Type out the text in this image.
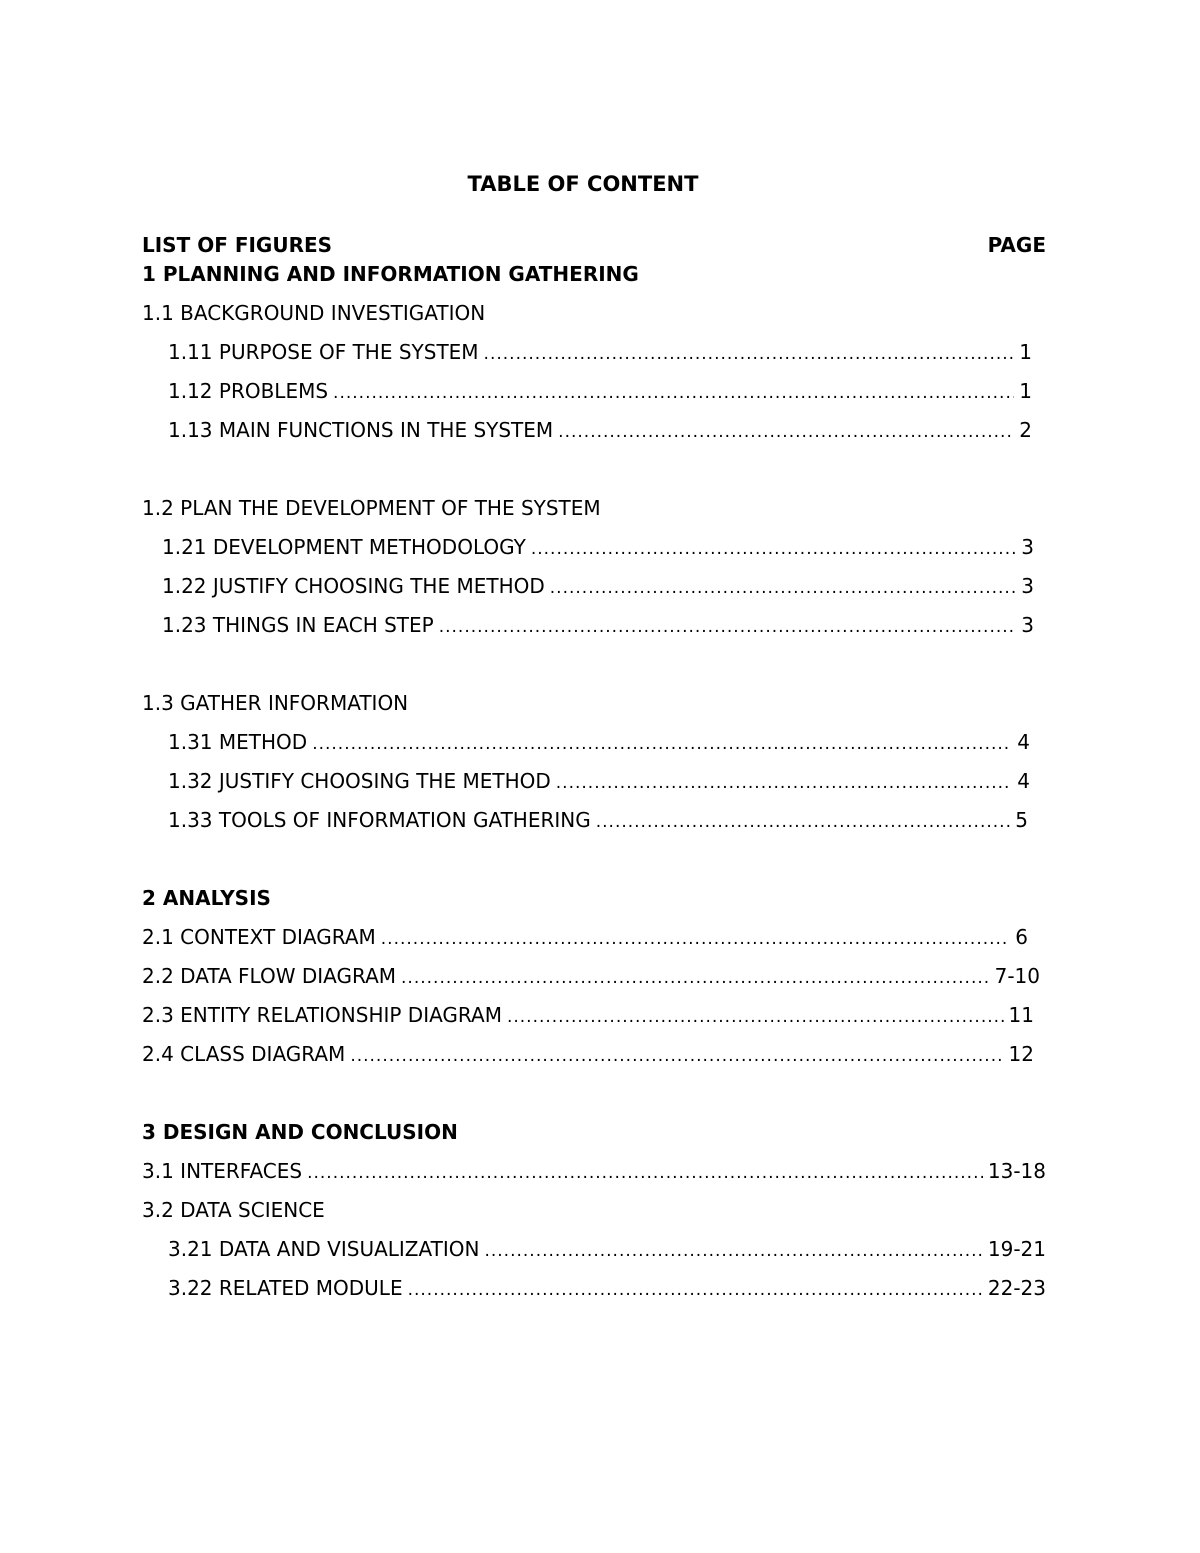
TABLE OF CONTENT
LIST OF FIGURES	PAGE
1 PLANNING AND INFORMATION GATHERING
1.1 BACKGROUND INVESTIGATION
1.11 PURPOSE OF THE SYSTEM .....	1
1.12 PROBLEMS .....	1
1.13 MAIN FUNCTIONS IN THE SYSTEM .....	2
1.2 PLAN THE DEVELOPMENT OF THE SYSTEM
1.21 DEVELOPMENT METHODOLOGY .....	3
1.22 JUSTIFY CHOOSING THE METHOD .....	3
1.23 THINGS IN EACH STEP .....	3
1.3 GATHER INFORMATION
1.31 METHOD .....	4
1.32 JUSTIFY CHOOSING THE METHOD .....	4
1.33 TOOLS OF INFORMATION GATHERING .....	5
2 ANALYSIS
2.1 CONTEXT DIAGRAM .....	6
2.2 DATA FLOW DIAGRAM .....	7-10
2.3 ENTITY RELATIONSHIP DIAGRAM .....	11
2.4 CLASS DIAGRAM .....	12
3 DESIGN AND CONCLUSION
3.1 INTERFACES .....	13-18
3.2 DATA SCIENCE
3.21 DATA AND VISUALIZATION .....	19-21
3.22 RELATED MODULE .....	22-23
